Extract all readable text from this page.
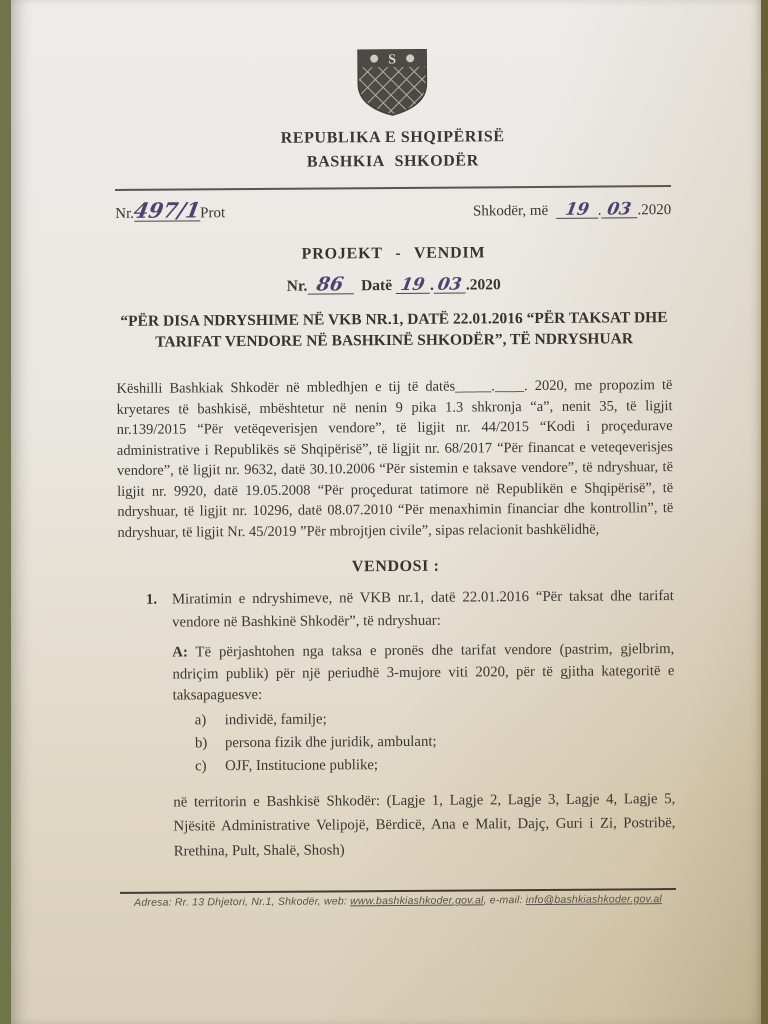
S
REPUBLIKA E SHQIPËRISË
BASHKIA SHKODËR
Nr.497/1Prot	Shkodër, më 19 . 03 .2020
PROJEKT - VENDIM
Nr. 86 Datë 19 . 03 .2020
“PËR DISA NDRYSHIME NË VKB NR.1, DATË 22.01.2016 “PËR TAKSAT DHE TARIFAT VENDORE NË BASHKINË SHKODËR”, TË NDRYSHUAR
Këshilli Bashkiak Shkodër në mbledhjen e tij të datës_____.____. 2020, me propozim të kryetares të bashkisë, mbështetur në nenin 9 pika 1.3 shkronja “a”, nenit 35, të ligjit nr.139/2015 “Për vetëqeverisjen vendore”, të ligjit nr. 44/2015 “Kodi i proçedurave administrative i Republikës së Shqipërisë”, të ligjit nr. 68/2017 “Për financat e veteqeverisjes vendore”, të ligjit nr. 9632, datë 30.10.2006 “Për sistemin e taksave vendore”, të ndryshuar, të ligjit nr. 9920, datë 19.05.2008 “Për proçedurat tatimore në Republikën e Shqipërisë”, të ndryshuar, të ligjit nr. 10296, datë 08.07.2010 “Për menaxhimin financiar dhe kontrollin”, të ndryshuar, të ligjit Nr. 45/2019 ”Për mbrojtjen civile”, sipas relacionit bashkëlidhë,
VENDOSI :
1. Miratimin e ndryshimeve, në VKB nr.1, datë 22.01.2016 “Për taksat dhe tarifat vendore në Bashkinë Shkodër”, të ndryshuar:
A: Të përjashtohen nga taksa e pronës dhe tarifat vendore (pastrim, gjelbrim, ndriçim publik) për një periudhë 3-mujore viti 2020, për të gjitha kategoritë e taksapaguesve:
a)	individë, familje;
b)	persona fizik dhe juridik, ambulant;
c)	OJF, Institucione publike;
në territorin e Bashkisë Shkodër: (Lagje 1, Lagje 2, Lagje 3, Lagje 4, Lagje 5, Njësitë Administrative Velipojë, Bërdicë, Ana e Malit, Dajç, Guri i Zi, Postribë, Rrethina, Pult, Shalë, Shosh)
Adresa: Rr. 13 Dhjetori, Nr.1, Shkodër, web: www.bashkiashkoder.gov.al, e-mail: info@bashkiashkoder.gov.al
